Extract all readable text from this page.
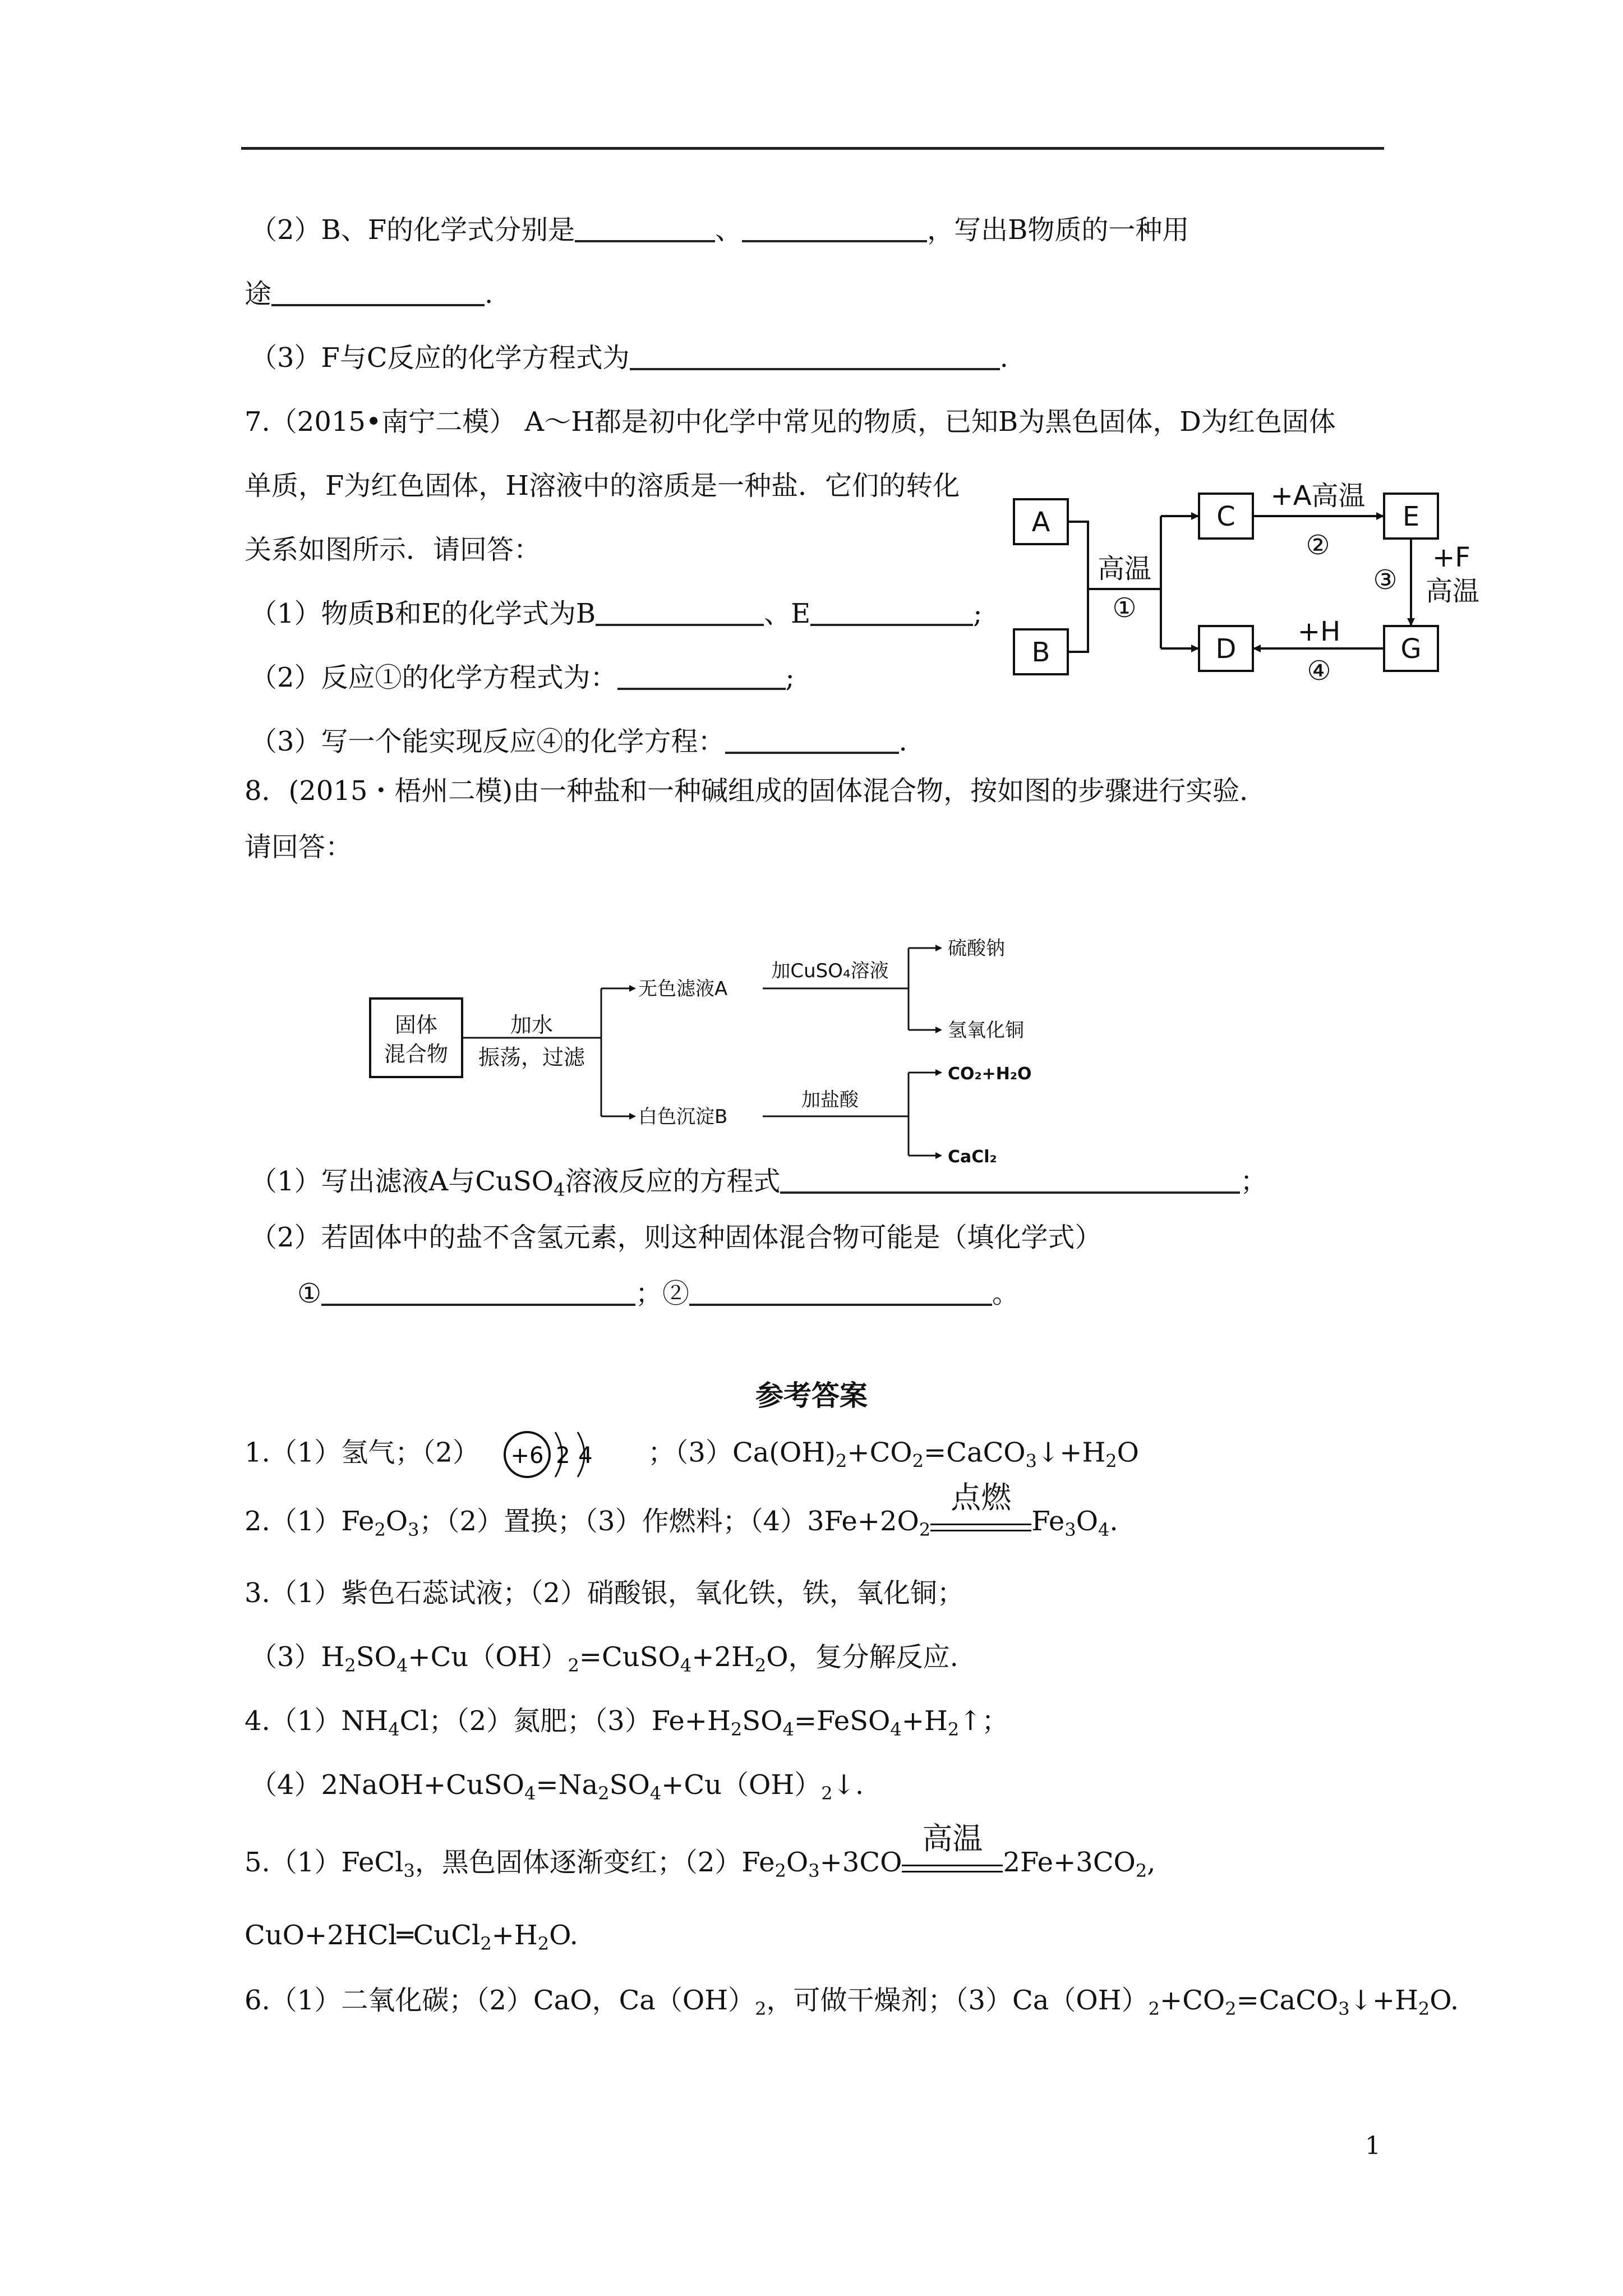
（2）B、F的化学式分别是	、	，写出B物质的一种用
途	.
（3）F与C反应的化学方程式为	.
7.（2015•南宁二模） A～H都是初中化学中常见的物质，已知B为黑色固体，D为红色固体
单质，F为红色固体，H溶液中的溶质是一种盐．它们的转化
关系如图所示．请回答：
（1）物质B和E的化学式为B	、E	;
（2）反应①的化学方程式为：	;
（3）写一个能实现反应④的化学方程：	.
A
B
C
D
E
G
高温
①
+A高温
②
③
+F
高温
+H
④
8．(2015・梧州二模)由一种盐和一种碱组成的固体混合物，按如图的步骤进行实验．
请回答：
固体
混合物
加水
振荡，过滤
无色滤液A
加CuSO₄溶液
硫酸钠
氢氧化铜
白色沉淀B
加盐酸
CO₂+H₂O
CaCl₂
（1）写出滤液A与CuSO$_4$溶液反应的方程式	；
（2）若固体中的盐不含氢元素，则这种固体混合物可能是（填化学式）
①	；②	。
参考答案
1.（1）氢气；（2） +6 2 4 ；$(3)Ca(OH)_2+CO_2=CaCO_3↓+H_2O$
$2.(1)Fe_2O_3$；（2）置换；（3）作燃料；$(4)3Fe+2O_2$
点燃
$Fe_3O_4$.
3.（1）紫色石蕊试液；（2）硝酸银，氧化铁，铁，氧化铜；
$(3)H_2SO_4+Cu(OH)_2=CuSO_4+2H_2O$，复分解反应.
$4.(1)NH_4Cl$；（2）氮肥；$(3)Fe+H_2SO_4=FeSO_4+H_2↑$；
$(4)2NaOH+CuSO_4=Na_2SO_4+Cu(OH)_2↓$.
5.（1）FeCl$_3$，黑色固体逐渐变红；$(2)Fe_2O_3+3CO$
高温
$2Fe+3CO_2$,
$CuO+2HCl═CuCl_2+H_2O$.
6.（1）二氧化碳；（2）CaO，$Ca(OH)_2$，可做干燥剂；$(3)Ca(OH)_2+CO_2=CaCO_3↓+H_2O$.
1
